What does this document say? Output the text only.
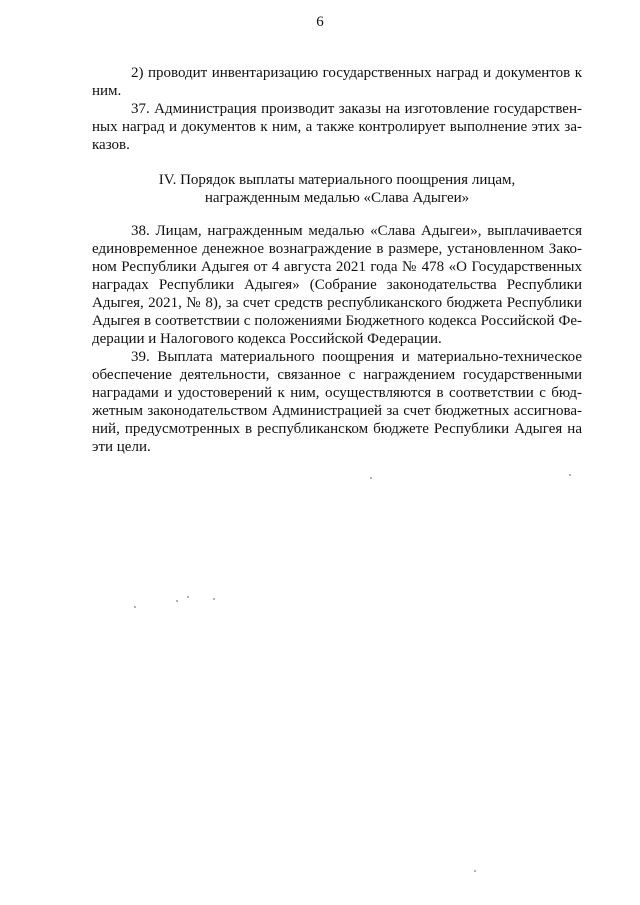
6
2) проводит инвентаризацию государственных наград и документов к
ним.
37. Администрация производит заказы на изготовление государствен-
ных наград и документов к ним, а также контролирует выполнение этих за-
казов.
IV. Порядок выплаты материального поощрения лицам,
награжденным медалью «Слава Адыгеи»
38. Лицам, награжденным медалью «Слава Адыгеи», выплачивается
единовременное денежное вознаграждение в размере, установленном Зако-
ном Республики Адыгея от 4 августа 2021 года № 478 «О Государственных
наградах Республики Адыгея» (Собрание законодательства Республики
Адыгея, 2021, № 8), за счет средств республиканского бюджета Республики
Адыгея в соответствии с положениями Бюджетного кодекса Российской Фе-
дерации и Налогового кодекса Российской Федерации.
39. Выплата материального поощрения и материально-техническое
обеспечение деятельности, связанное с награждением государственными
наградами и удостоверений к ним, осуществляются в соответствии с бюд-
жетным законодательством Администрацией за счет бюджетных ассигнова-
ний, предусмотренных в республиканском бюджете Республики Адыгея на
эти цели.
